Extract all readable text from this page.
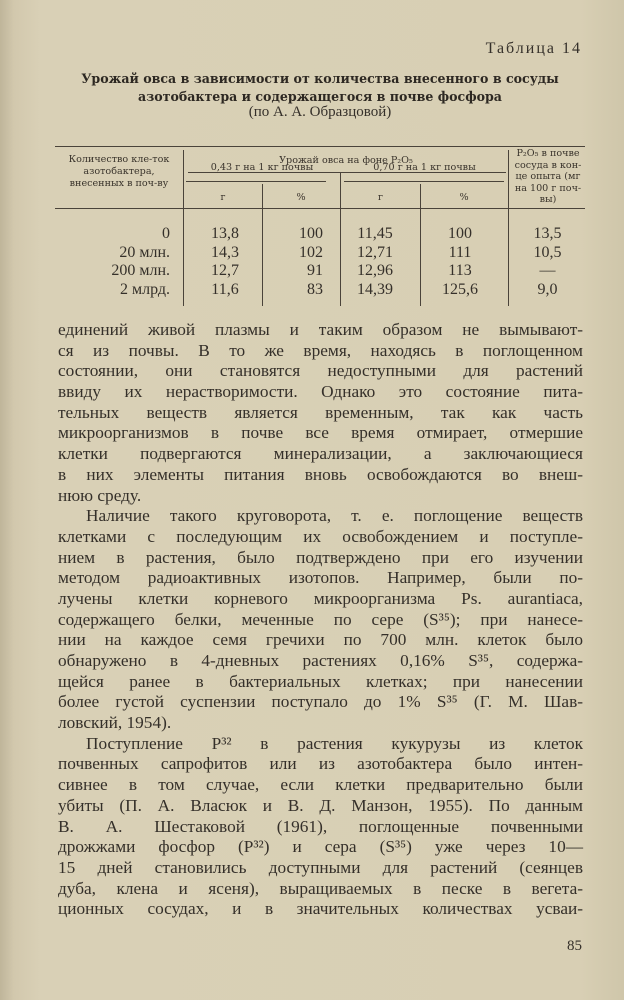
Таблица 14
Урожай овса в зависимости от количества внесенного в сосуды азотобактера и содержащегося в почве фосфора
(по А. А. Образцовой)
Количество кле-ток азотобактера, внесенных в поч-ву
Урожай овса на фоне P₂O₅
0,43 г на 1 кг почвы	0,70 г на 1 кг почвы
г	%	г	%
P₂O₅ в почве сосуда в кон-це опыта (мг на 100 г поч-вы)
0	13,8	100	11,45	100	13,5
20 млн.	14,3	102	12,71	111	10,5
200 млн.	12,7	91	12,96	113	—
2 млрд.	11,6	83	14,39	125,6	9,0
единений живой плазмы и таким образом не вымывают-
ся из почвы. В то же время, находясь в поглощенном
состоянии, они становятся недоступными для растений
ввиду их нерастворимости. Однако это состояние пита-
тельных веществ является временным, так как часть
микроорганизмов в почве все время отмирает, отмершие
клетки подвергаются минерализации, а заключающиеся
в них элементы питания вновь освобождаются во внеш-
нюю среду.
Наличие такого круговорота, т. е. поглощение веществ
клетками с последующим их освобождением и поступле-
нием в растения, было подтверждено при его изучении
методом радиоактивных изотопов. Например, были по-
лучены клетки корневого микроорганизма Ps. aurantiaca,
содержащего белки, меченные по сере (S³⁵); при нанесе-
нии на каждое семя гречихи по 700 млн. клеток было
обнаружено в 4-дневных растениях 0,16% S³⁵, содержа-
щейся ранее в бактериальных клетках; при нанесении
более густой суспензии поступало до 1% S³⁵ (Г. М. Шав-
ловский, 1954).
Поступление P³² в растения кукурузы из клеток
почвенных сапрофитов или из азотобактера было интен-
сивнее в том случае, если клетки предварительно были
убиты (П. А. Власюк и В. Д. Манзон, 1955). По данным
В. А. Шестаковой (1961), поглощенные почвенными
дрожжами фосфор (P³²) и сера (S³⁵) уже через 10—
15 дней становились доступными для растений (сеянцев
дуба, клена и ясеня), выращиваемых в песке в вегета-
ционных сосудах, и в значительных количествах усваи-
85
